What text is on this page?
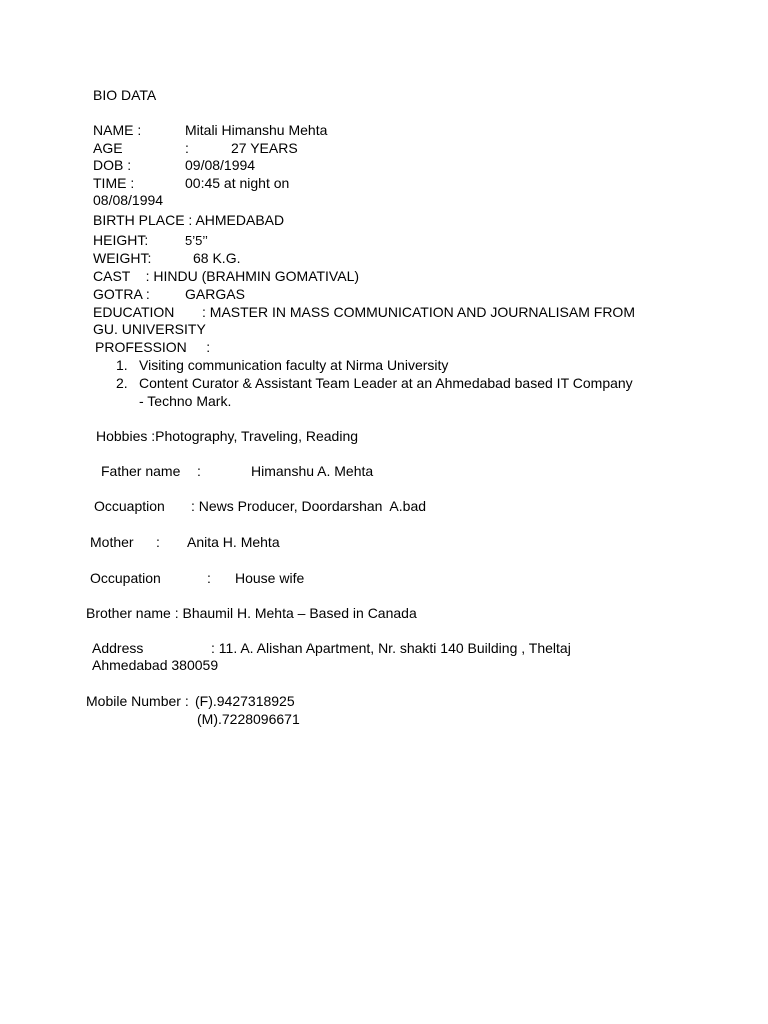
BIO DATA
NAME :	Mitali Himanshu Mehta
AGE	:	27 YEARS
DOB :	09/08/1994
TIME :	00:45 at night on
08/08/1994
BIRTH PLACE : AHMEDABAD
HEIGHT:	5’5’’
WEIGHT:	68 K.G.
CAST    : HINDU (BRAHMIN GOMATIVAL)
GOTRA :	GARGAS
EDUCATION : MASTER IN MASS COMMUNICATION AND JOURNALISAM FROM
GU. UNIVERSITY
PROFESSION     :
1. Visiting communication faculty at Nirma University
2. Content Curator & Assistant Team Leader at an Ahmedabad based IT Company
- Techno Mark.
Hobbies :Photography, Traveling, Reading
Father name :	Himanshu A. Mehta
Occuaption : News Producer, Doordarshan  A.bad
Mother : Anita H. Mehta
Occupation	: House wife
Brother name : Bhaumil H. Mehta – Based in Canada
Address	: 11. A. Alishan Apartment, Nr. shakti 140 Building , Theltaj
Ahmedabad 380059
Mobile Number : (F).9427318925
(M).7228096671
